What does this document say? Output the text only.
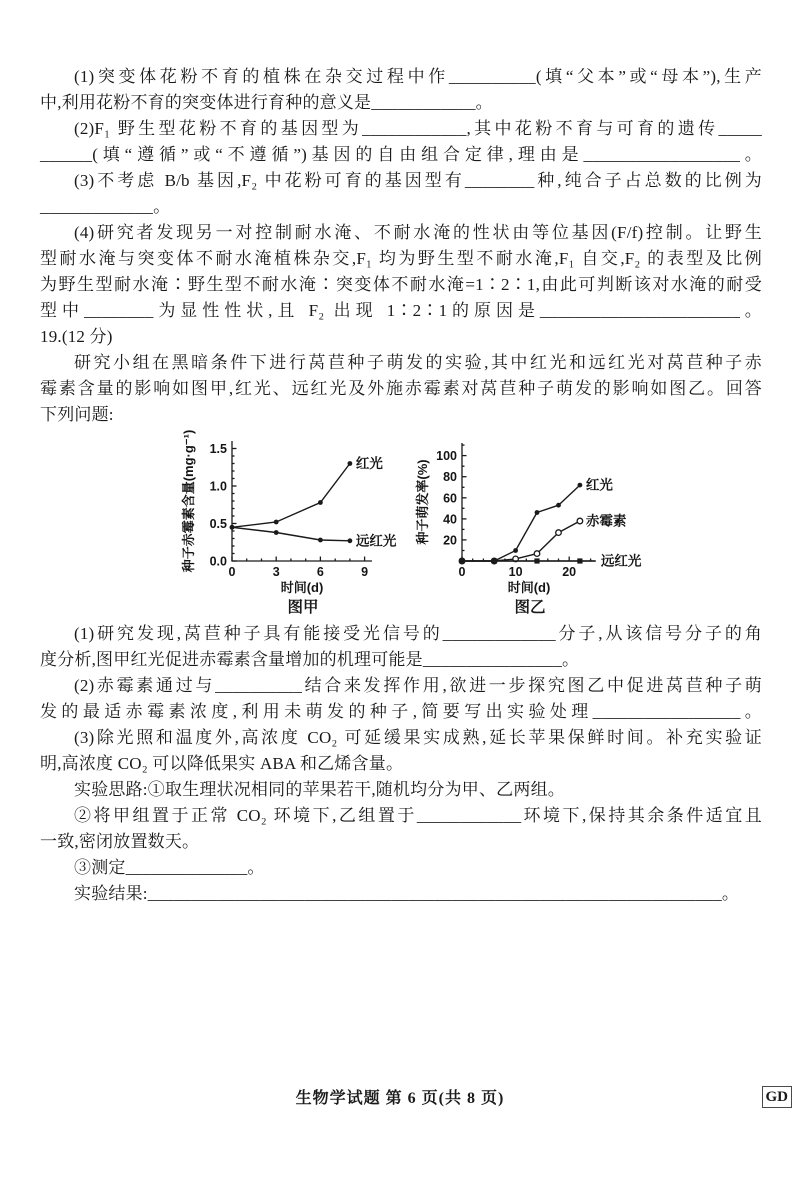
(1)突变体花粉不育的植株在杂交过程中作__________(填“父本”或“母本”),生产
中,利用花粉不育的突变体进行育种的意义是____________。
(2)F₁ 野生型花粉不育的基因型为____________,其中花粉不育与可育的遗传_____
______(填“遵循”或“不遵循”)基因的自由组合定律,理由是__________________。
(3)不考虑 B/b 基因,F₂ 中花粉可育的基因型有________种,纯合子占总数的比例为
_____________。
(4)研究者发现另一对控制耐水淹、不耐水淹的性状由等位基因(F/f)控制。让野生
型耐水淹与突变体不耐水淹植株杂交,F₁ 均为野生型不耐水淹,F₁ 自交,F₂ 的表型及比例
为野生型耐水淹∶野生型不耐水淹∶突变体不耐水淹=1∶2∶1,由此可判断该对水淹的耐受
型中________为显性性状,且 F₂ 出现 1∶2∶1的原因是_______________________。
19.(12 分)
研究小组在黑暗条件下进行莴苣种子萌发的实验,其中红光和远红光对莴苣种子赤
霉素含量的影响如图甲,红光、远红光及外施赤霉素对莴苣种子萌发的影响如图乙。回答
下列问题:
0.0
0.5
1.0
1.5
0	3	6	9
红光
远红光
种子赤霉素含量(mg·g⁻¹)
时间(d)
图甲
20
40
60
80
100
0	10	20
红光
赤霉素
远红光
种子萌发率(%)
时间(d)
图乙
(1)研究发现,莴苣种子具有能接受光信号的_____________分子,从该信号分子的角
度分析,图甲红光促进赤霉素含量增加的机理可能是________________。
(2)赤霉素通过与__________结合来发挥作用,欲进一步探究图乙中促进莴苣种子萌
发的最适赤霉素浓度,利用未萌发的种子,简要写出实验处理_________________。
(3)除光照和温度外,高浓度 CO₂ 可延缓果实成熟,延长苹果保鲜时间。补充实验证
明,高浓度 CO₂ 可以降低果实 ABA 和乙烯含量。
实验思路:①取生理状况相同的苹果若干,随机均分为甲、乙两组。
②将甲组置于正常 CO₂ 环境下,乙组置于____________环境下,保持其余条件适宜且
一致,密闭放置数天。
③测定______________。
实验结果:__________________________________________________________________。
生物学试题 第 6 页(共 8 页)	GD
